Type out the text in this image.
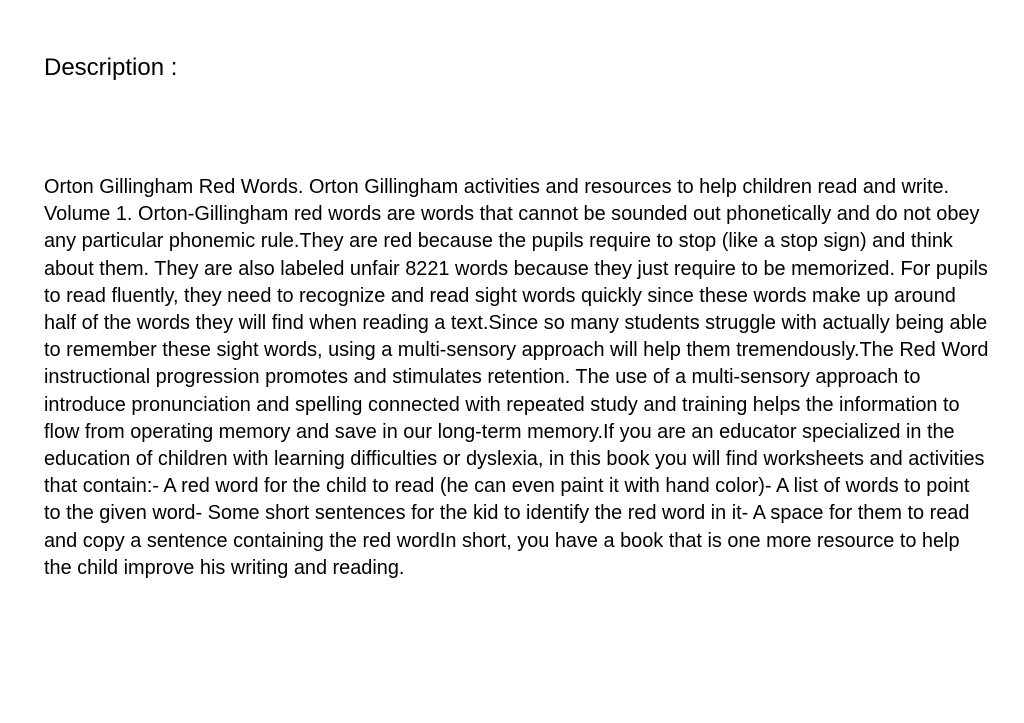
Description :

Orton Gillingham Red Words. Orton Gillingham activities and resources to help children read and write. Volume 1. Orton-Gillingham red words are words that cannot be sounded out phonetically and do not obey any particular phonemic rule.They are red because the pupils require to stop (like a stop sign) and think about them. They are also labeled unfair 8221 words because they just require to be memorized. For pupils to read fluently, they need to recognize and read sight words quickly since these words make up around half of the words they will find when reading a text.Since so many students struggle with actually being able to remember these sight words, using a multi-sensory approach will help them tremendously.The Red Word instructional progression promotes and stimulates retention. The use of a multi-sensory approach to introduce pronunciation and spelling connected with repeated study and training helps the information to flow from operating memory and save in our long-term memory.If you are an educator specialized in the education of children with learning difficulties or dyslexia, in this book you will find worksheets and activities that contain:- A red word for the child to read (he can even paint it with hand color)- A list of words to point to the given word- Some short sentences for the kid to identify the red word in it- A space for them to read and copy a sentence containing the red wordIn short, you have a book that is one more resource to help the child improve his writing and reading.
